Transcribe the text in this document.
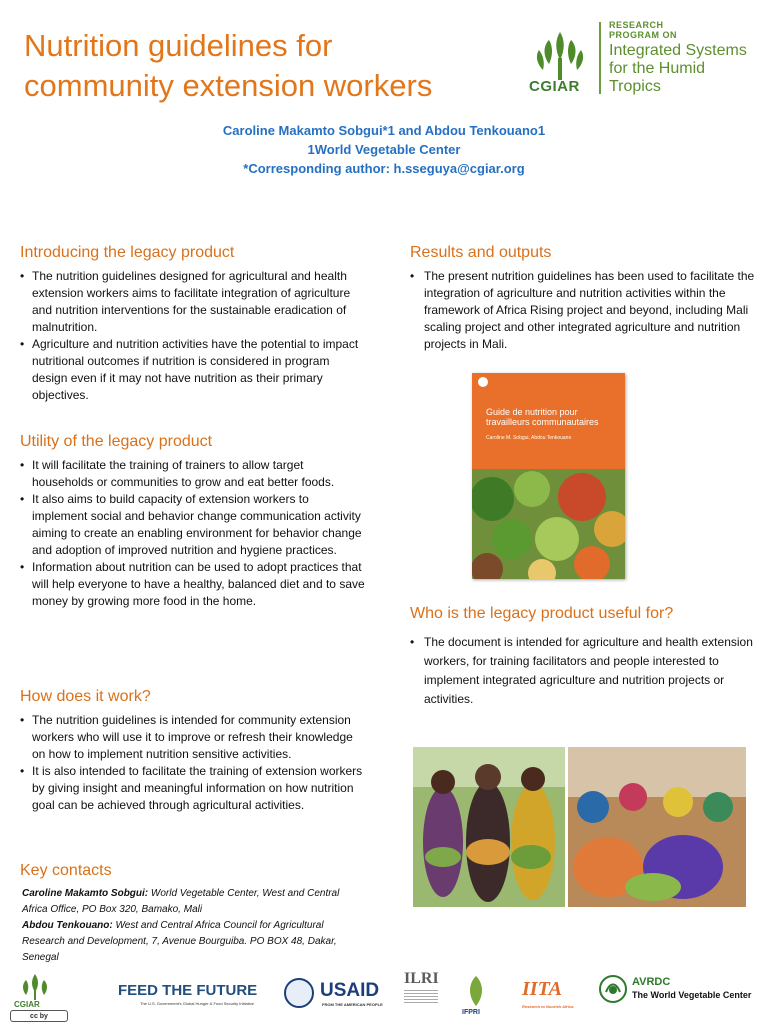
Nutrition guidelines for
community extension workers	CGIAR
RESEARCH
PROGRAM ON
Integrated Systems
for the Humid
Tropics
Caroline Makamto Sobgui*1 and Abdou Tenkouano1
1World Vegetable Center
*Corresponding author: h.sseguya@cgiar.org
Introducing the legacy product
• The nutrition guidelines designed for agricultural and health extension workers aims to facilitate integration of agriculture and nutrition interventions for the sustainable eradication of malnutrition.
• Agriculture and nutrition activities have the potential to impact nutritional outcomes if nutrition is considered in program design even if it may not have nutrition as their primary objectives.
Utility of the legacy product
• It will facilitate the training of trainers to allow target households or communities to grow and eat better foods.
• It also aims to build capacity of extension workers to implement social and behavior change communication activity aiming to create an enabling environment for behavior change and adoption of improved nutrition and hygiene practices.
• Information about nutrition can be used to adopt practices that will help everyone to have a healthy, balanced diet and to save money by growing more food in the home.
How does it work?
• The nutrition guidelines is intended for community extension workers who will use it to improve or refresh their knowledge on how to implement nutrition sensitive activities.
• It is also intended to facilitate the training of extension workers by giving insight and meaningful information on how nutrition goal can be achieved through agricultural activities.
Key contacts
Caroline Makamto Sobgui: World Vegetable Center, West and Central Africa Office, PO Box 320, Bamako, Mali
Abdou Tenkouano: West and Central Africa Council for Agricultural Research and Development, 7, Avenue Bourguiba. PO BOX 48, Dakar, Senegal
Results and outputs
• The present nutrition guidelines has been used to facilitate the integration of agriculture and nutrition activities within the framework of Africa Rising project and beyond, including Mali scaling project and other integrated agriculture and nutrition projects in Mali.
Guide de nutrition pour travailleurs communautaires
Caroline M. Sobgui, Abdou Tenkouano
Who is the legacy product useful for?
• The document is intended for agriculture and health extension workers, for training facilitators and people interested to implement integrated agriculture and nutrition projects or activities.
CGIAR
cc by
FEED THE FUTURE
The U.S. Government's Global Hunger & Food Security Initiative
USAID
FROM THE AMERICAN PEOPLE
ILRI
IFPRI
IITA
Research to Nourish Africa
AVRDC
The World Vegetable Center
